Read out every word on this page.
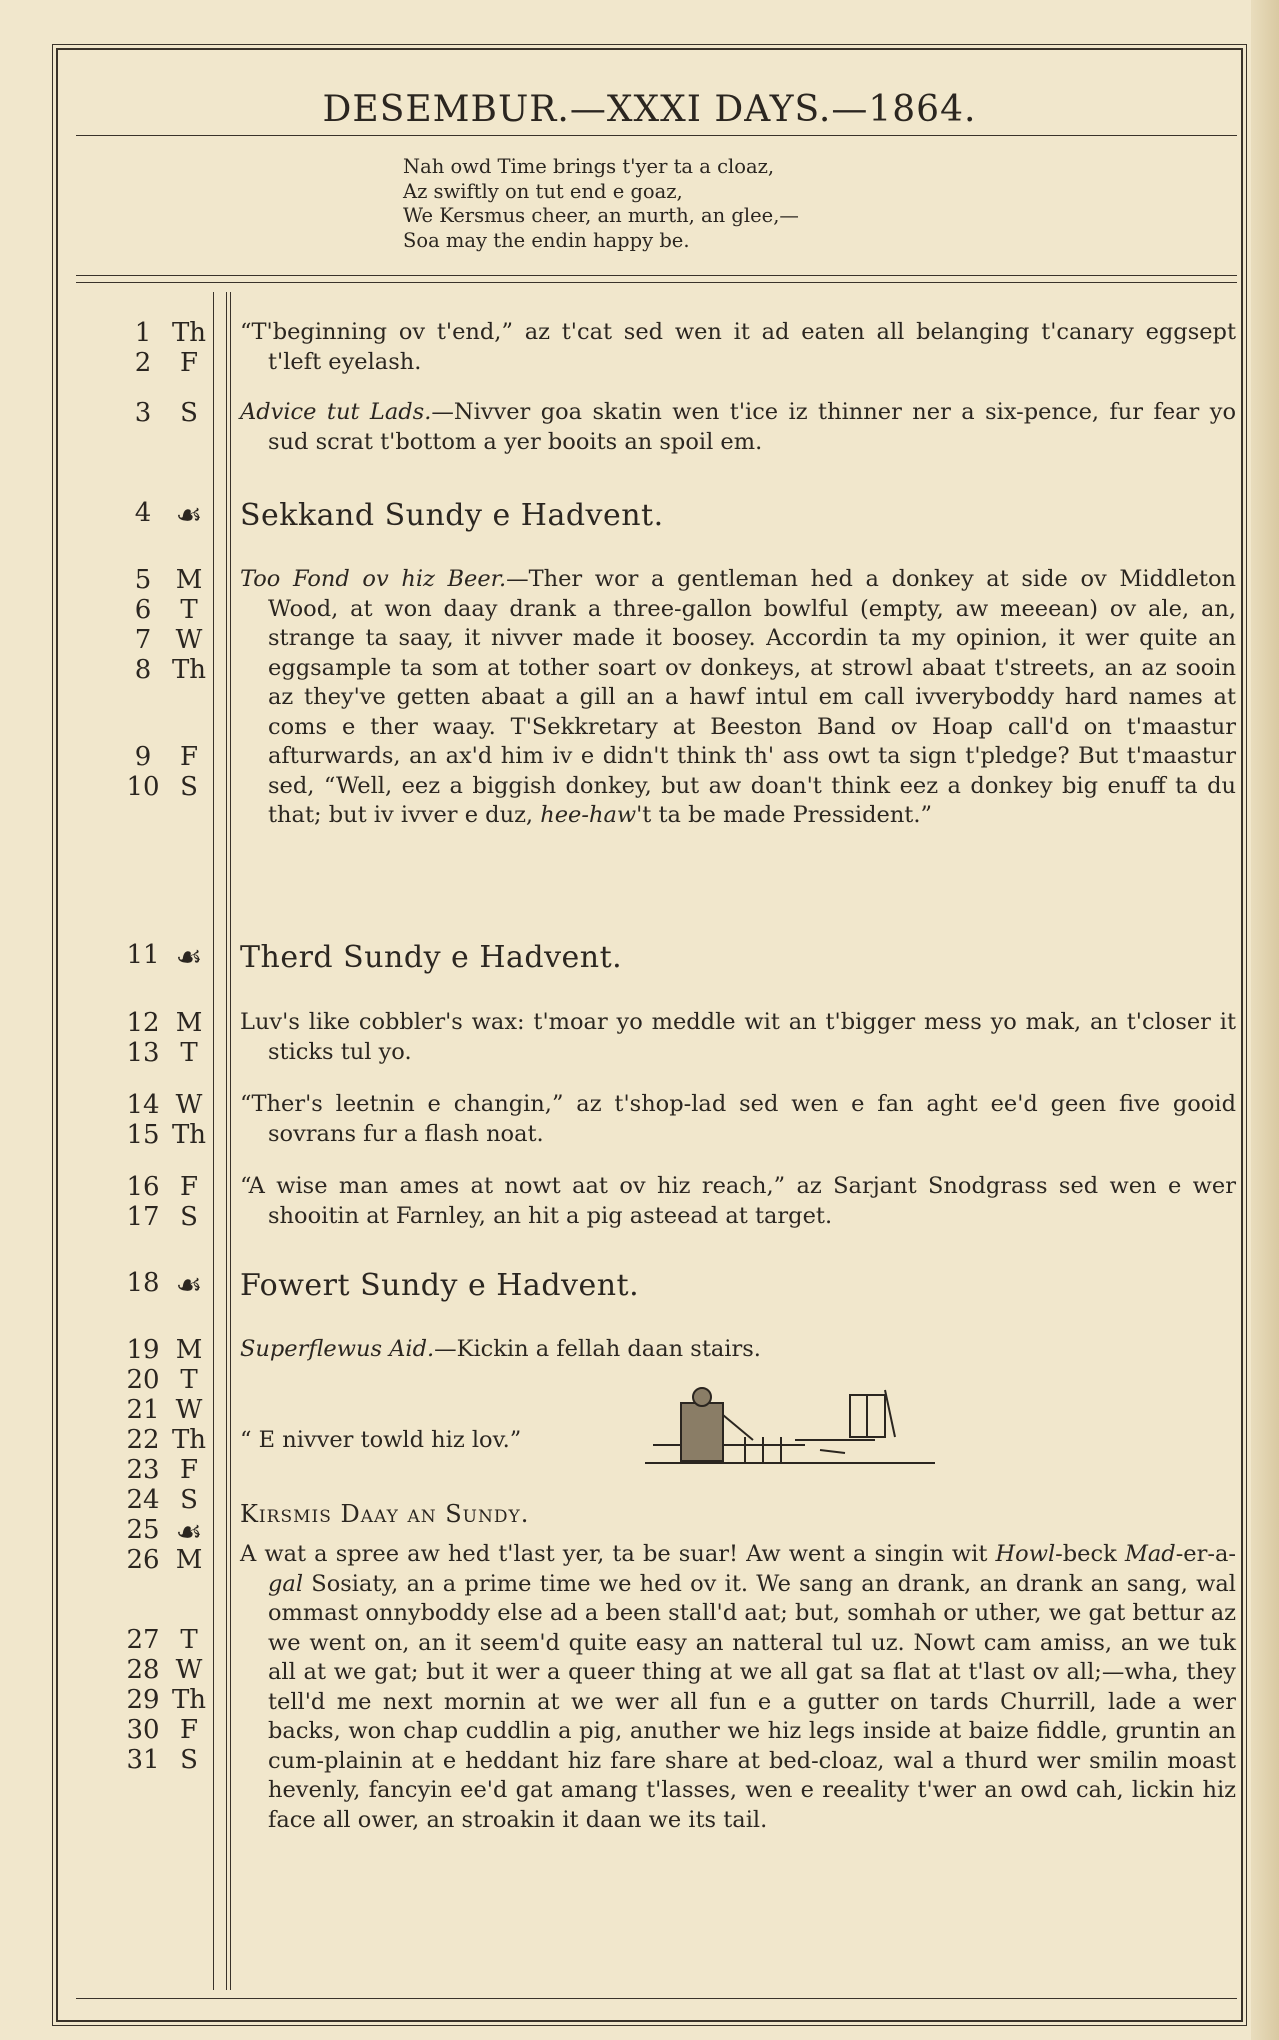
DESEMBUR.—XXXI DAYS.—1864.
Nah owd Time brings t'yer ta a cloaz,
Az swiftly on tut end e goaz,
We Kersmus cheer, an murth, an glee,—
Soa may the endin happy be.
1 Th
2	F
3	S
4 ☙
5 M
6	T
7 W
8 Th
9	F
10 S
11 ☙
12 M
13 T
14 W
15 Th
16 F
17 S
18 ☙
19 M
20 T
21 W
22 Th
23 F
24 S
25 ☙
26 M
27 T
28 W
29 Th
30 F
31 S
“T'beginning ov t'end,” az t'cat sed wen it ad eaten all belanging t'canary eggsept t'left eyelash.
Advice tut Lads.—Nivver goa skatin wen t'ice iz thinner ner a six-pence, fur fear yo sud scrat t'bottom a yer booits an spoil em.
Sekkand Sundy e Hadvent.
Too Fond ov hiz Beer.—Ther wor a gentleman hed a donkey at side ov Middleton Wood, at won daay drank a three-gallon bowlful (empty, aw meeean) ov ale, an, strange ta saay, it nivver made it boosey. Accordin ta my opinion, it wer quite an eggsample ta som at tother soart ov donkeys, at strowl abaat t'streets, an az sooin az they've getten abaat a gill an a hawf intul em call ivveryboddy hard names at coms e ther waay. T'Sekkretary at Beeston Band ov Hoap call'd on t'maastur afturwards, an ax'd him iv e didn't think th' ass owt ta sign t'pledge? But t'maastur sed, “Well, eez a biggish donkey, but aw doan't think eez a donkey big enuff ta du that; but iv ivver e duz, hee-haw't ta be made Pressident.”
Therd Sundy e Hadvent.
Luv's like cobbler's wax: t'moar yo meddle wit an t'bigger mess yo mak, an t'closer it sticks tul yo.
“Ther's leetnin e changin,” az t'shop-lad sed wen e fan aght ee'd geen five gooid sovrans fur a flash noat.
“A wise man ames at nowt aat ov hiz reach,” az Sarjant Snodgrass sed wen e wer shooitin at Farnley, an hit a pig asteead at target.
Fowert Sundy e Hadvent.
Superflewus Aid.—Kickin a fellah daan stairs.
“ E nivver towld hiz lov.”
Kirsmis Daay an Sundy.
A wat a spree aw hed t'last yer, ta be suar! Aw went a singin wit Howl-beck Mad-er-a-gal Sosiaty, an a prime time we hed ov it. We sang an drank, an drank an sang, wal ommast onnyboddy else ad a been stall'd aat; but, somhah or uther, we gat bettur az we went on, an it seem'd quite easy an natteral tul uz. Nowt cam amiss, an we tuk all at we gat; but it wer a queer thing at we all gat sa flat at t'last ov all;—wha, they tell'd me next mornin at we wer all fun e a gutter on tards Churrill, lade a wer backs, won chap cuddlin a pig, anuther we hiz legs inside at baize fiddle, gruntin an cum-plainin at e heddant hiz fare share at bed-cloaz, wal a thurd wer smilin moast hevenly, fancyin ee'd gat amang t'lasses, wen e reeality t'wer an owd cah, lickin hiz face all ower, an stroakin it daan we its tail.
